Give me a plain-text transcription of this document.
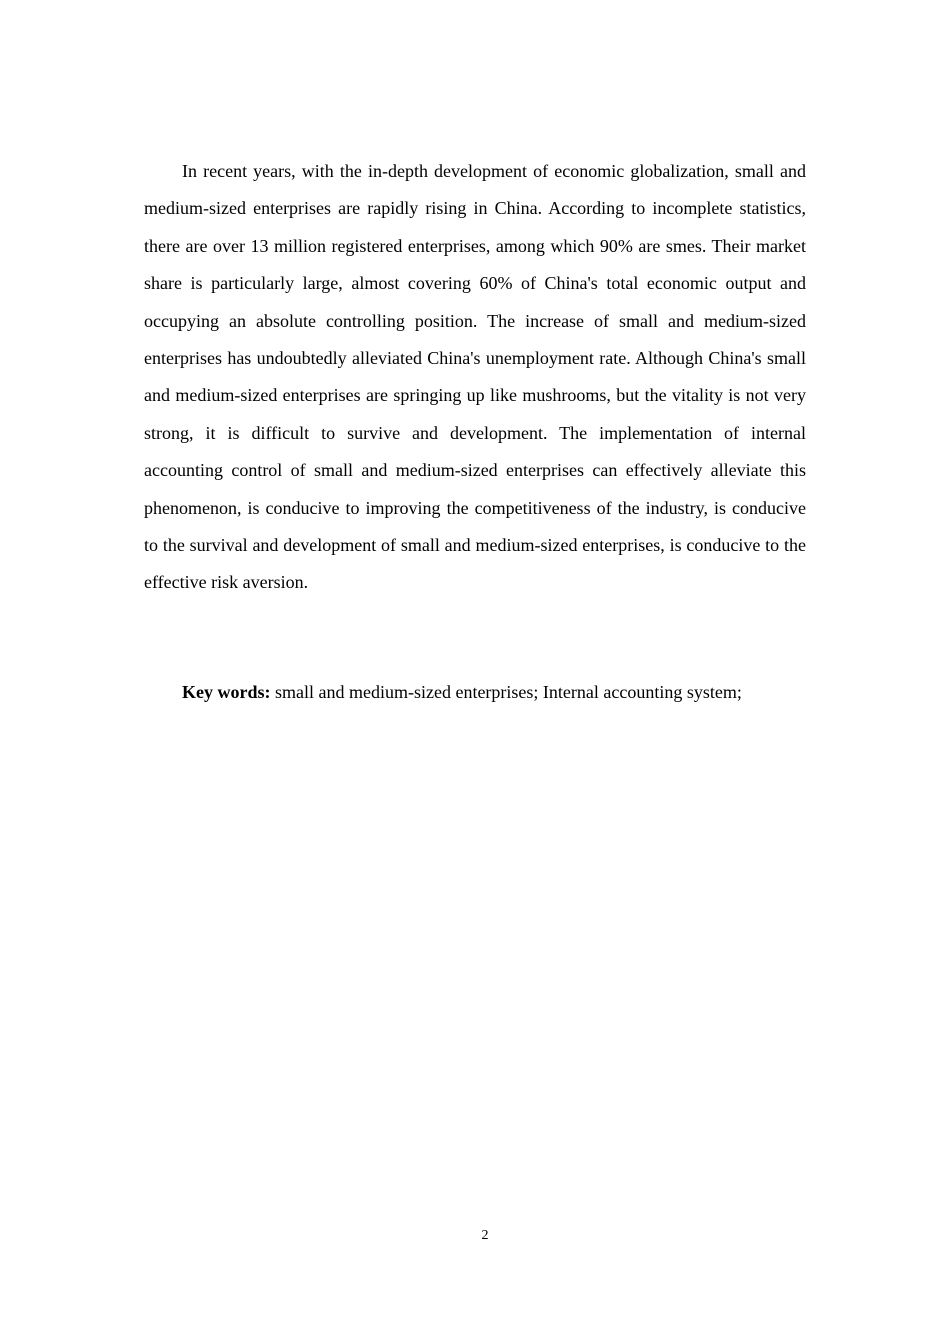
In recent years, with the in-depth development of economic globalization, small and medium-sized enterprises are rapidly rising in China. According to incomplete statistics, there are over 13 million registered enterprises, among which 90% are smes. Their market share is particularly large, almost covering 60% of China's total economic output and occupying an absolute controlling position. The increase of small and medium-sized enterprises has undoubtedly alleviated China's unemployment rate. Although China's small and medium-sized enterprises are springing up like mushrooms, but the vitality is not very strong, it is difficult to survive and development. The implementation of internal accounting control of small and medium-sized enterprises can effectively alleviate this phenomenon, is conducive to improving the competitiveness of the industry, is conducive to the survival and development of small and medium-sized enterprises, is conducive to the effective risk aversion.

Key words: small and medium-sized enterprises; Internal accounting system;

2
